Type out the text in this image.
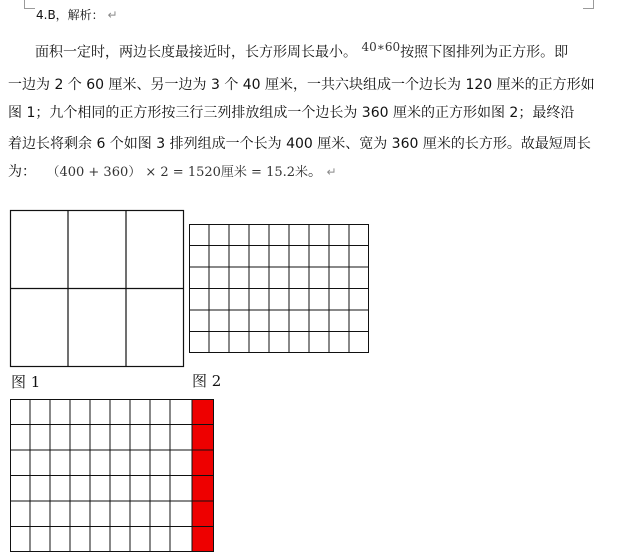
4.B，解析： ↵
面积一定时，两边长度最接近时，长方形周长最小。 $^{40∗60}$按照下图排列为正方形。即
一边为 2 个 60 厘米、另一边为 3 个 40 厘米，一共六块组成一个边长为 120 厘米的正方形如
图 1；九个相同的正方形按三行三列排放组成一个边长为 360 厘米的正方形如图 2；最终沿
着边长将剩余 6 个如图 3 排列组成一个长为 400 厘米、宽为 360 厘米的长方形。故最短周长
为： （400 + 360） × 2 = 1520厘米 = 15.2米。 ↵
图 1	图 2
